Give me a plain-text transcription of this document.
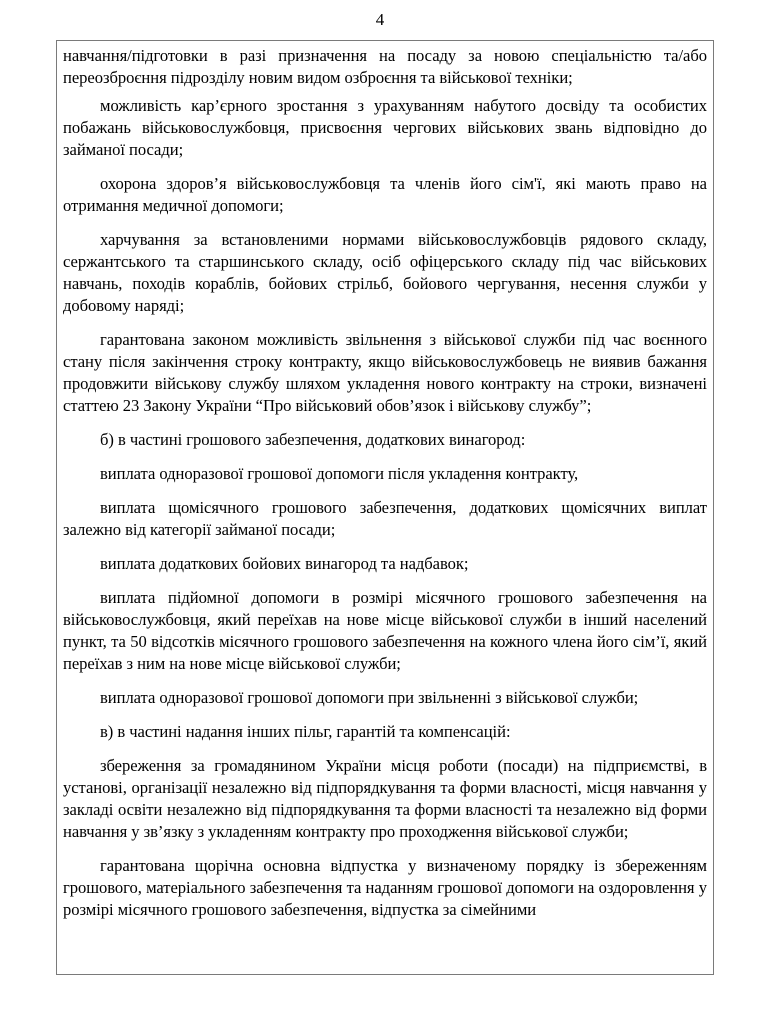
4

навчання/підготовки в разі призначення на посаду за новою спеціальністю та/або переозброєння підрозділу новим видом озброєння та військової техніки;

можливість кар’єрного зростання з урахуванням набутого досвіду та особистих побажань військовослужбовця, присвоєння чергових військових звань відповідно до займаної посади;

охорона здоров’я військовослужбовця та членів його сім'ї, які мають право на отримання медичної допомоги;

харчування за встановленими нормами військовослужбовців рядового складу, сержантського та старшинського складу, осіб офіцерського складу під час військових навчань, походів кораблів, бойових стрільб, бойового чергування, несення служби у добовому наряді;

гарантована законом можливість звільнення з військової служби під час воєнного стану після закінчення строку контракту, якщо військовослужбовець не виявив бажання продовжити військову службу шляхом укладення нового контракту на строки, визначені статтею 23 Закону України “Про військовий обов’язок і військову службу”;

б) в частині грошового забезпечення, додаткових винагород:

виплата одноразової грошової допомоги після укладення контракту,

виплата щомісячного грошового забезпечення, додаткових щомісячних виплат залежно від категорії займаної посади;

виплата додаткових бойових винагород та надбавок;

виплата підйомної допомоги в розмірі місячного грошового забезпечення на військовослужбовця, який переїхав на нове місце військової служби в інший населений пункт, та 50 відсотків місячного грошового забезпечення на кожного члена його сім’ї, який переїхав з ним на нове місце військової служби;

виплата одноразової грошової допомоги при звільненні з військової служби;

в) в частині надання інших пільг, гарантій та компенсацій:

збереження за громадянином України місця роботи (посади) на підприємстві, в установі, організації незалежно від підпорядкування та форми власності, місця навчання у закладі освіти незалежно від підпорядкування та форми власності та незалежно від форми навчання у зв’язку з укладенням контракту про проходження військової служби;

гарантована щорічна основна відпустка у визначеному порядку із збереженням грошового, матеріального забезпечення та наданням грошової допомоги на оздоровлення у розмірі місячного грошового забезпечення, відпустка за сімейними
